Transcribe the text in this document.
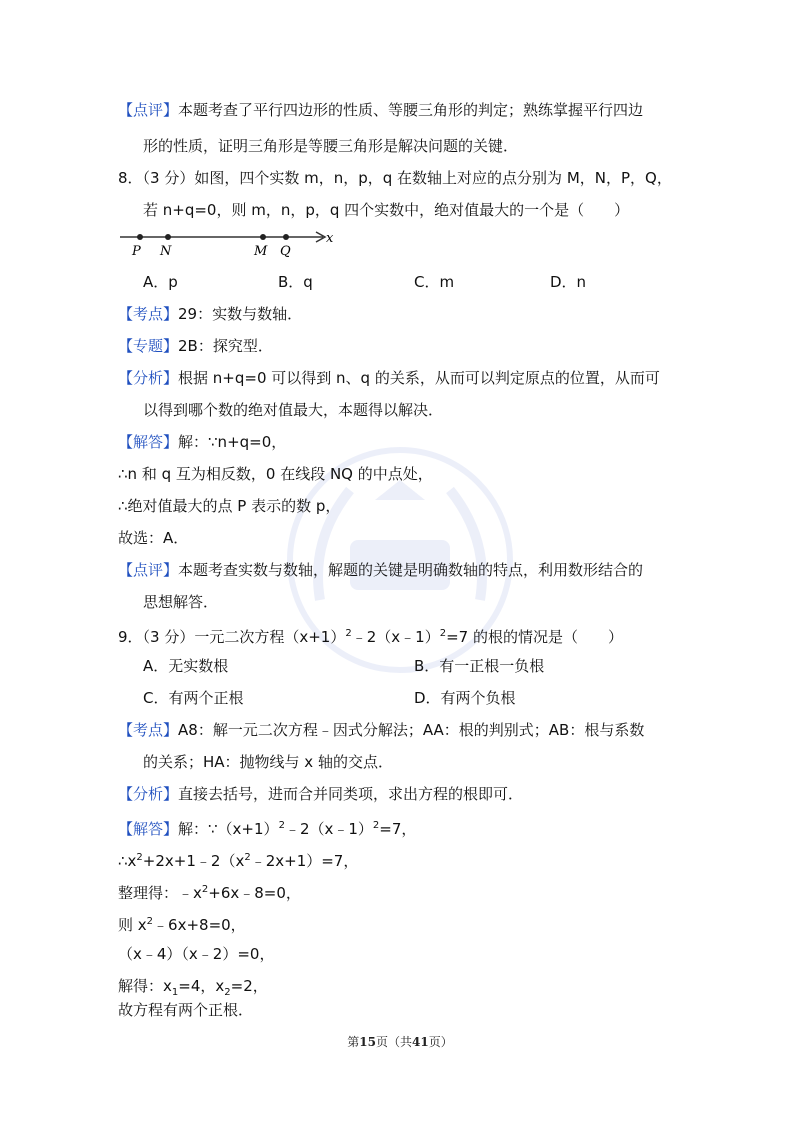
【点评】本题考查了平行四边形的性质、等腰三角形的判定；熟练掌握平行四边
形的性质，证明三角形是等腰三角形是解决问题的关键．
8．（3 分）如图，四个实数 m，n，p，q 在数轴上对应的点分别为 M，N，P，Q，
若 n+q=0，则 m，n，p，q 四个实数中，绝对值最大的一个是（　　）
P N	M Q
x
A．p	B．q	C．m	D．n
【考点】29：实数与数轴．
【专题】2B：探究型．
【分析】根据 n+q=0 可以得到 n、q 的关系，从而可以判定原点的位置，从而可
以得到哪个数的绝对值最大，本题得以解决．
【解答】解：∵n+q=0，
∴n 和 q 互为相反数，0 在线段 NQ 的中点处，
∴绝对值最大的点 P 表示的数 p，
故选：A．
【点评】本题考查实数与数轴，解题的关键是明确数轴的特点，利用数形结合的
思想解答．
9．（3 分）一元二次方程$(x+1)^2﹣2(x﹣1)^2=7$ 的根的情况是（　　）
A．无实数根	B．有一正根一负根
C．有两个正根	D．有两个负根
【考点】A8：解一元二次方程﹣因式分解法；AA：根的判别式；AB：根与系数
的关系；HA：抛物线与 x 轴的交点．
【分析】直接去括号，进而合并同类项，求出方程的根即可．
【解答】解：$\because(x+1)^2﹣2(x﹣1)^2=7$，
$\therefore x^2+2x+1﹣2(x^2﹣2x+1)=7$，
整理得：$﹣x^2+6x﹣8=0$，
则 $x^2﹣6x+8=0$，
（x﹣4）（x﹣2）=0，
解得：$x_1=4$，$x_2=2$，
故方程有两个正根．
第15页（共41页）
